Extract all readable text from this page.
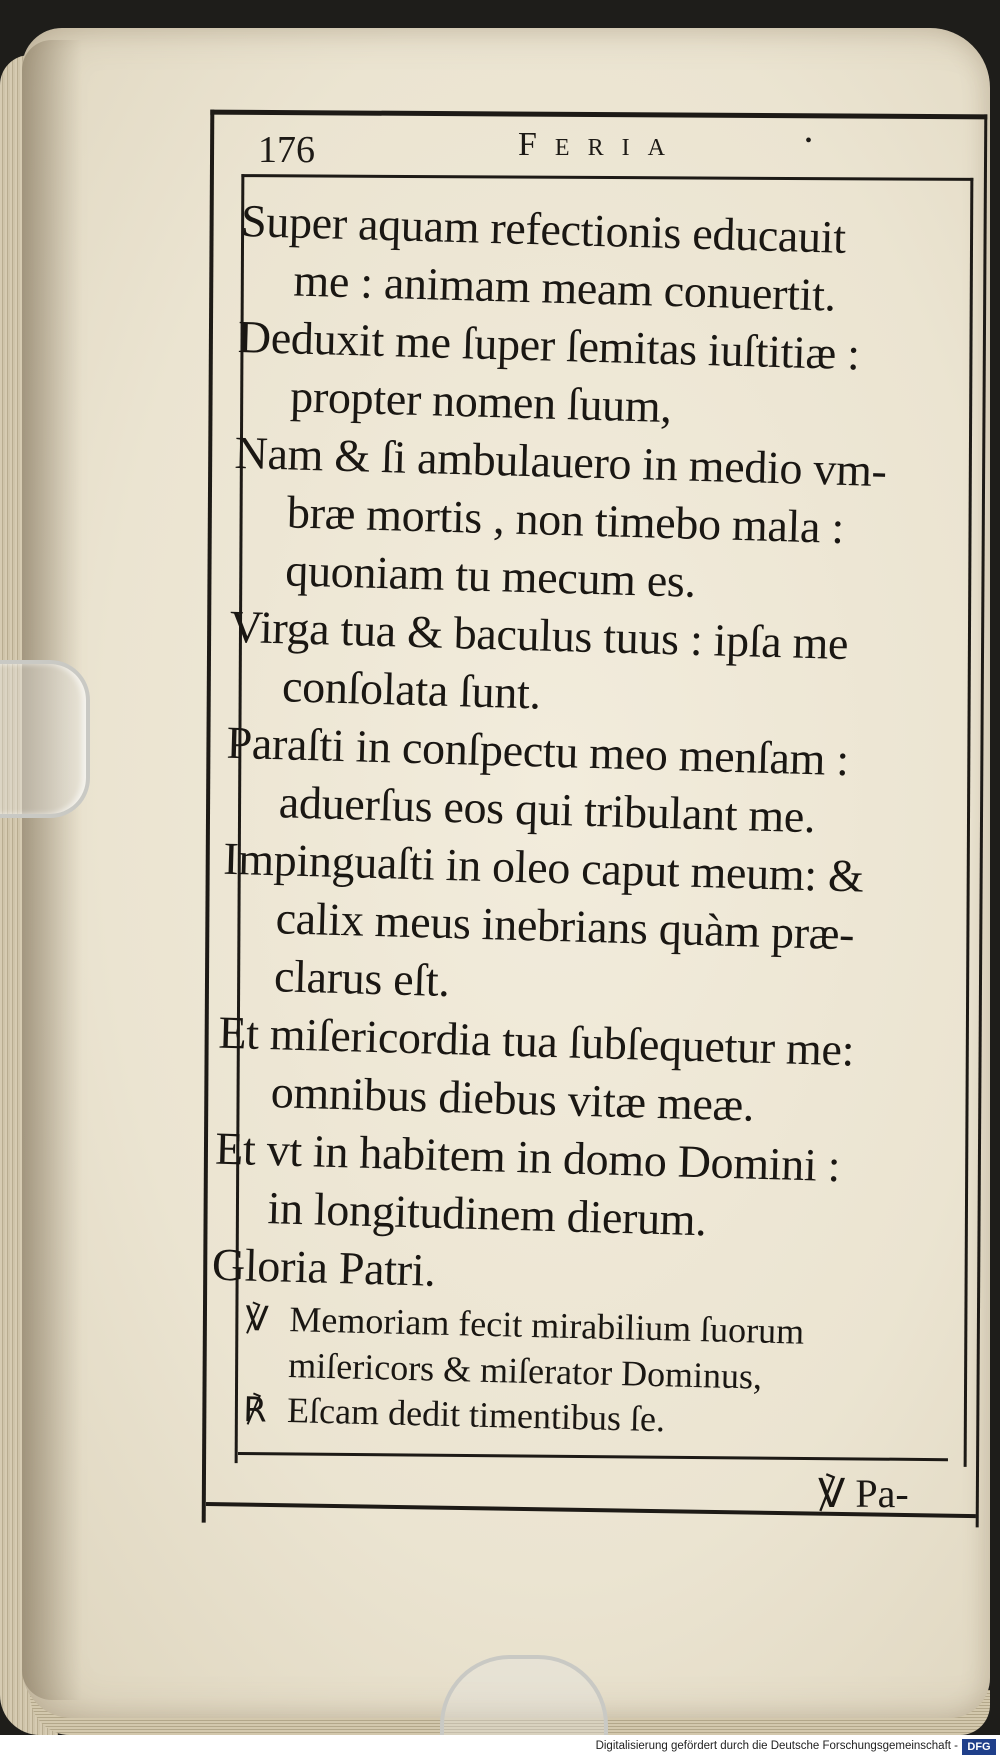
176	Feria	•
Super aquam refectionis educauit
me : animam meam conuertit.
Deduxit me ſuper ſemitas iuſtitiæ :
propter nomen ſuum,
Nam & ſi ambulauero in medio vm-
bræ mortis , non timebo mala :
quoniam tu mecum es.
Virga tua & baculus tuus : ipſa me
conſolata ſunt.
Paraſti in conſpectu meo menſam :
aduerſus eos qui tribulant me.
Impinguaſti in oleo caput meum: &
calix meus inebrians quàm præ-
clarus eſt.
Et miſericordia tua ſubſequetur me:
omnibus diebus vitæ meæ.
Et vt in habitem in domo Domini :
in longitudinem dierum.
Gloria Patri.
℣ Memoriam fecit mirabilium ſuorum
miſericors & miſerator Dominus,
℟ Eſcam dedit timentibus ſe.
℣ Pa-
Digitalisierung gefördert durch die Deutsche Forschungsgemeinschaft - DFG
